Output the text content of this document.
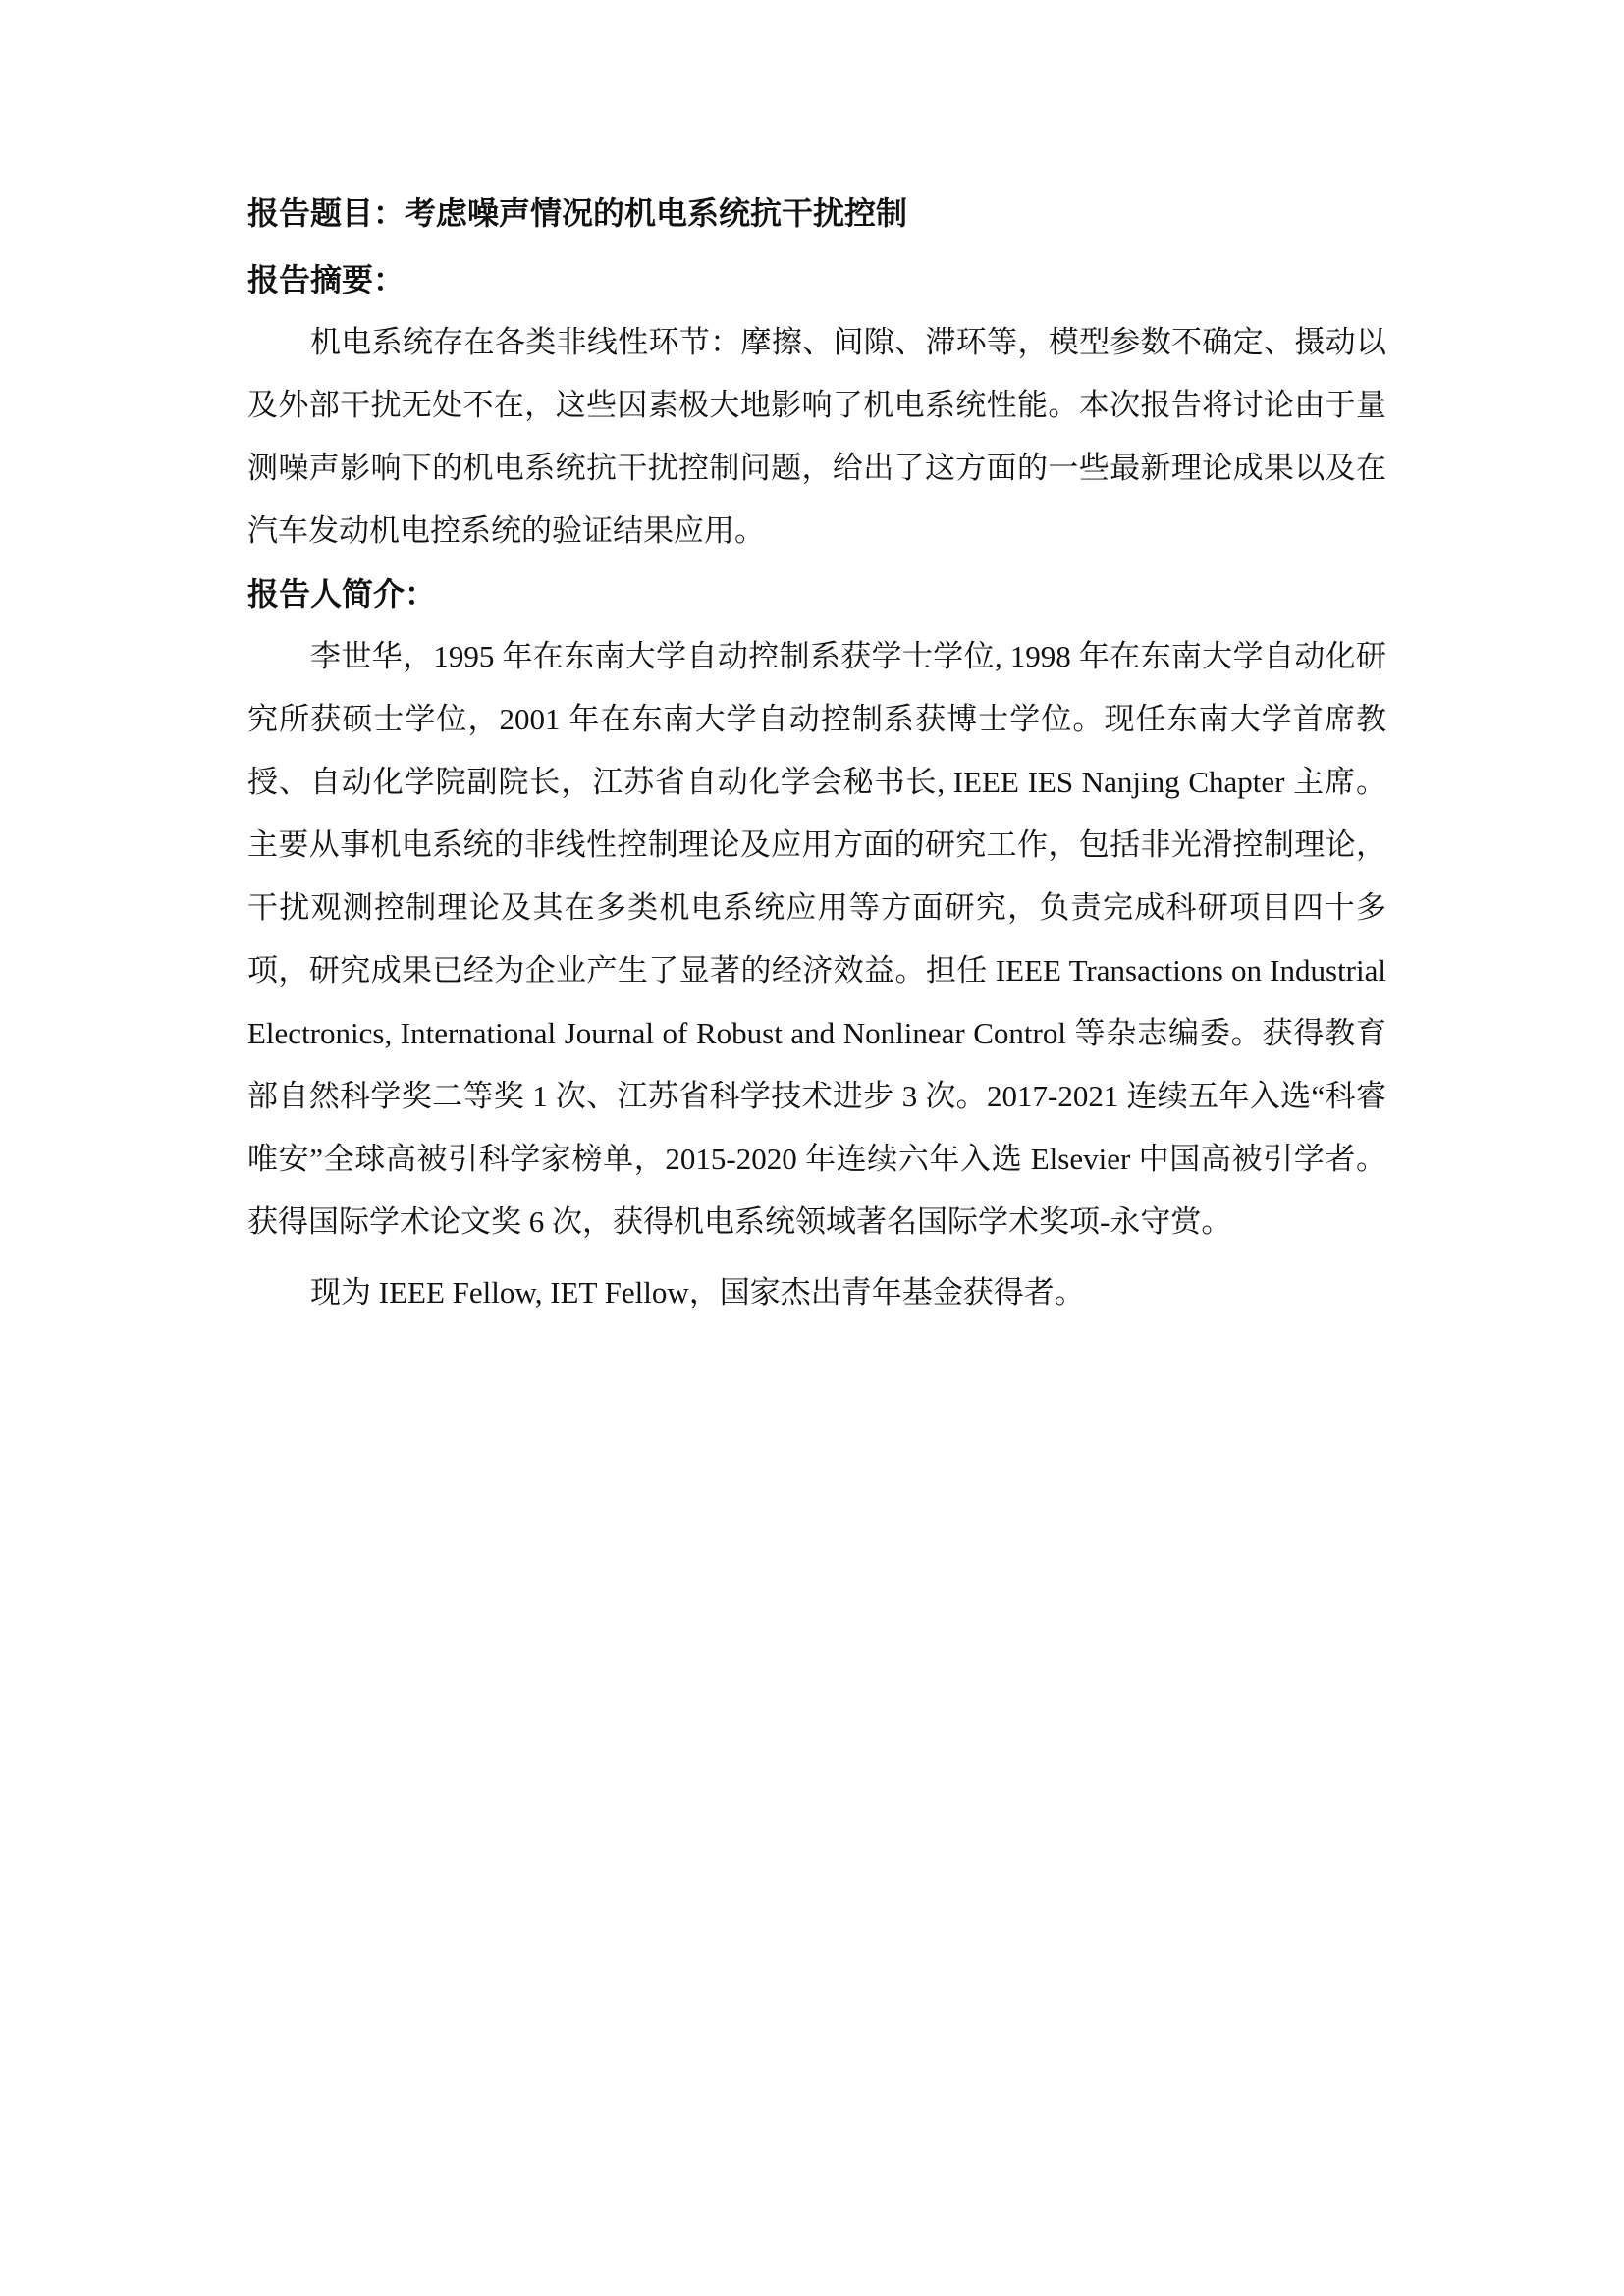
报告题目：考虑噪声情况的机电系统抗干扰控制

报告摘要：

机电系统存在各类非线性环节：摩擦、间隙、滞环等，模型参数不确定、摄动以及外部干扰无处不在，这些因素极大地影响了机电系统性能。本次报告将讨论由于量测噪声影响下的机电系统抗干扰控制问题，给出了这方面的一些最新理论成果以及在汽车发动机电控系统的验证结果应用。

报告人简介：

李世华，1995 年在东南大学自动控制系获学士学位, 1998 年在东南大学自动化研究所获硕士学位，2001 年在东南大学自动控制系获博士学位。现任东南大学首席教授、自动化学院副院长，江苏省自动化学会秘书长, IEEE IES Nanjing Chapter 主席。主要从事机电系统的非线性控制理论及应用方面的研究工作，包括非光滑控制理论，干扰观测控制理论及其在多类机电系统应用等方面研究，负责完成科研项目四十多项，研究成果已经为企业产生了显著的经济效益。担任 IEEE Transactions on Industrial Electronics, International Journal of Robust and Nonlinear Control 等杂志编委。获得教育部自然科学奖二等奖 1 次、江苏省科学技术进步 3 次。2017-2021 连续五年入选“科睿唯安”全球高被引科学家榜单，2015-2020 年连续六年入选 Elsevier 中国高被引学者。获得国际学术论文奖 6 次，获得机电系统领域著名国际学术奖项-永守赏。

现为 IEEE Fellow, IET Fellow，国家杰出青年基金获得者。
